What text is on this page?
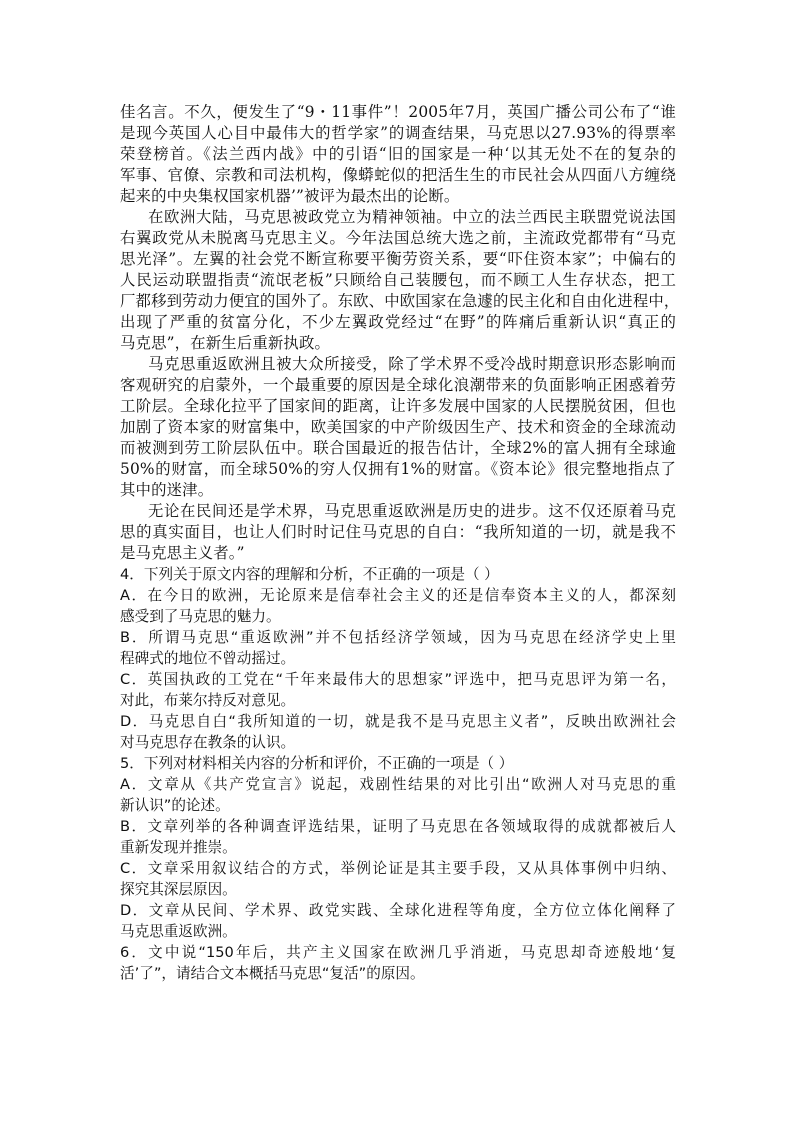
佳名言。不久，便发生了“9・11事件”！2005年7月，英国广播公司公布了“谁
是现今英国人心目中最伟大的哲学家”的调查结果，马克思以27.93%的得票率
荣登榜首。《法兰西内战》中的引语“旧的国家是一种‘以其无处不在的复杂的
军事、官僚、宗教和司法机构，像蟒蛇似的把活生生的市民社会从四面八方缠绕
起来的中央集权国家机器’”被评为最杰出的论断。
在欧洲大陆，马克思被政党立为精神领袖。中立的法兰西民主联盟党说法国
右翼政党从未脱离马克思主义。今年法国总统大选之前，主流政党都带有“马克
思光泽”。左翼的社会党不断宣称要平衡劳资关系，要“吓住资本家”；中偏右的
人民运动联盟指责“流氓老板”只顾给自己装腰包，而不顾工人生存状态，把工
厂都移到劳动力便宜的国外了。东欧、中欧国家在急遽的民主化和自由化进程中，
出现了严重的贫富分化，不少左翼政党经过“在野”的阵痛后重新认识“真正的
马克思”，在新生后重新执政。
马克思重返欧洲且被大众所接受，除了学术界不受冷战时期意识形态影响而
客观研究的启蒙外，一个最重要的原因是全球化浪潮带来的负面影响正困惑着劳
工阶层。全球化拉平了国家间的距离，让许多发展中国家的人民摆脱贫困，但也
加剧了资本家的财富集中，欧美国家的中产阶级因生产、技术和资金的全球流动
而被测到劳工阶层队伍中。联合国最近的报告估计，全球2%的富人拥有全球逾
50%的财富，而全球50%的穷人仅拥有1%的财富。《资本论》很完整地指点了
其中的迷津。
无论在民间还是学术界，马克思重返欧洲是历史的进步。这不仅还原着马克
思的真实面目，也让人们时时记住马克思的自白：“我所知道的一切，就是我不
是马克思主义者。”
4．下列关于原文内容的理解和分析，不正确的一项是（ ）
A．在今日的欧洲，无论原来是信奉社会主义的还是信奉资本主义的人，都深刻
感受到了马克思的魅力。
B．所谓马克思“重返欧洲”并不包括经济学领域，因为马克思在经济学史上里
程碑式的地位不曾动摇过。
C．英国执政的工党在“千年来最伟大的思想家”评选中，把马克思评为第一名，
对此，布莱尔持反对意见。
D．马克思自白“我所知道的一切，就是我不是马克思主义者”，反映出欧洲社会
对马克思存在教条的认识。
5．下列对材料相关内容的分析和评价，不正确的一项是（ ）
A．文章从《共产党宣言》说起，戏剧性结果的对比引出“欧洲人对马克思的重
新认识”的论述。
B．文章列举的各种调查评选结果，证明了马克思在各领域取得的成就都被后人
重新发现并推崇。
C．文章采用叙议结合的方式，举例论证是其主要手段，又从具体事例中归纳、
探究其深层原因。
D．文章从民间、学术界、政党实践、全球化进程等角度，全方位立体化阐释了
马克思重返欧洲。
6．文中说“150年后，共产主义国家在欧洲几乎消逝，马克思却奇迹般地‘复
活’了”，请结合文本概括马克思“复活”的原因。
